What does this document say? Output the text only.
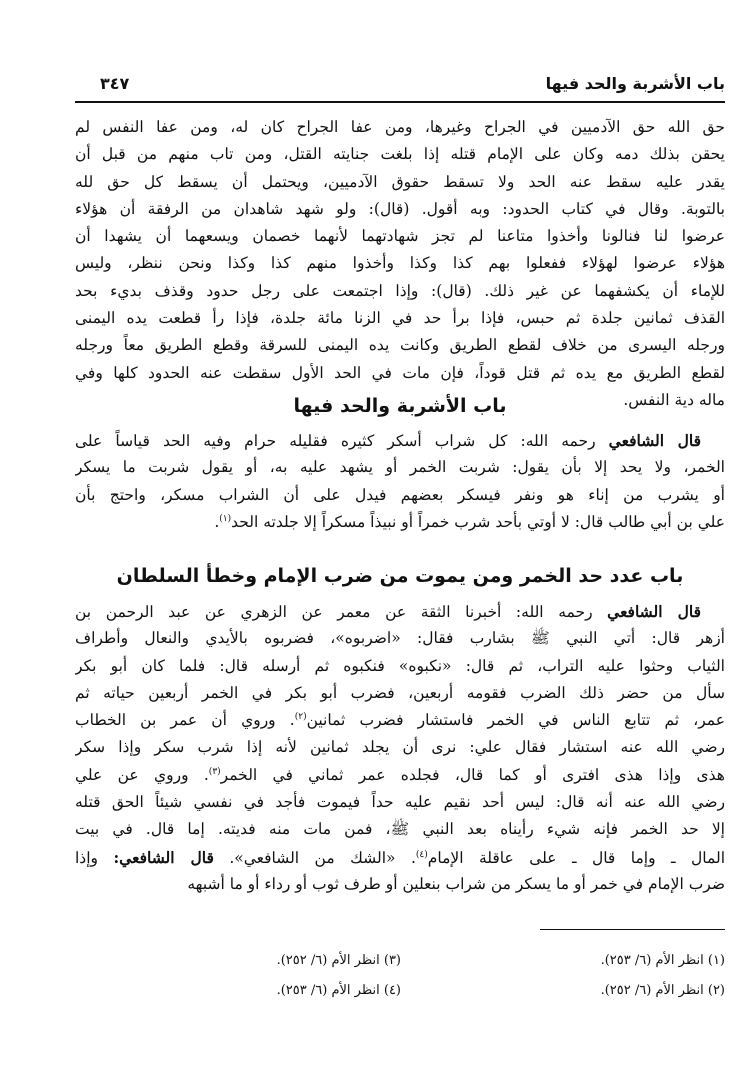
باب الأشربة والحد فيها
٣٤٧
حق الله حق الآدميين في الجراح وغيرها، ومن عفا الجراح كان له، ومن عفا النفس لم
يحقن بذلك دمه وكان على الإمام قتله إذا بلغت جنايته القتل، ومن تاب منهم من قبل أن
يقدر عليه سقط عنه الحد ولا تسقط حقوق الآدميين، ويحتمل أن يسقط كل حق لله
بالتوبة. وقال في كتاب الحدود: وبه أقول. (قال): ولو شهد شاهدان من الرفقة أن هؤلاء
عرضوا لنا فنالونا وأخذوا متاعنا لم تجز شهادتهما لأنهما خصمان ويسعهما أن يشهدا أن
هؤلاء عرضوا لهؤلاء ففعلوا بهم كذا وكذا وأخذوا منهم كذا وكذا ونحن ننظر، وليس
للإماء أن يكشفهما عن غير ذلك. (قال): وإذا اجتمعت على رجل حدود وقذف بديء بحد
القذف ثمانين جلدة ثم حبس، فإذا برأ حد في الزنا مائة جلدة، فإذا رأ قطعت يده اليمنى
ورجله اليسرى من خلاف لقطع الطريق وكانت يده اليمنى للسرقة وقطع الطريق معاً ورجله
لقطع الطريق مع يده ثم قتل قوداً، فإن مات في الحد الأول سقطت عنه الحدود كلها وفي
ماله دية النفس.
باب الأشربة والحد فيها
قال الشافعي رحمه الله: كل شراب أسكر كثيره فقليله حرام وفيه الحد قياساً على
الخمر، ولا يحد إلا بأن يقول: شربت الخمر أو يشهد عليه به، أو يقول شربت ما يسكر
أو يشرب من إناء هو ونفر فيسكر بعضهم فيدل على أن الشراب مسكر، واحتج بأن
علي بن أبي طالب قال: لا أوتي بأحد شرب خمراً أو نبيذاً مسكراً إلا جلدته الحد$^{(١)}$.
باب عدد حد الخمر ومن يموت من ضرب الإمام وخطأ السلطان
قال الشافعي رحمه الله: أخبرنا الثقة عن معمر عن الزهري عن عبد الرحمن بن
أزهر قال: أتي النبي ﷺ بشارب فقال: «اضربوه»، فضربوه بالأيدي والنعال وأطراف
الثياب وحثوا عليه التراب، ثم قال: «نكبوه» فنكبوه ثم أرسله قال: فلما كان أبو بكر
سأل من حضر ذلك الضرب فقومه أربعين، فضرب أبو بكر في الخمر أربعين حياته ثم
عمر، ثم تتابع الناس في الخمر فاستشار فضرب ثمانين$^{(٢)}$. وروي أن عمر بن الخطاب
رضي الله عنه استشار فقال علي: نرى أن يجلد ثمانين لأنه إذا شرب سكر وإذا سكر
هذى وإذا هذى افترى أو كما قال، فجلده عمر ثماني في الخمر$^{(٣)}$. وروي عن علي
رضي الله عنه أنه قال: ليس أحد نقيم عليه حداً فيموت فأجد في نفسي شيئاً الحق قتله
إلا حد الخمر فإنه شيء رأيناه بعد النبي ﷺ، فمن مات منه فديته. إما قال. في بيت
المال ـ وإما قال ـ على عاقلة الإمام$^{(٤)}$. «الشك من الشافعي». قال الشافعي: وإذا
ضرب الإمام في خمر أو ما يسكر من شراب بنعلين أو طرف ثوب أو رداء أو ما أشبهه
(١) انظر الأم (٦/ ٢٥٣).
(٢) انظر الأم (٦/ ٢٥٢).
(٣) انظر الأم (٦/ ٢٥٢).
(٤) انظر الأم (٦/ ٢٥٣).
